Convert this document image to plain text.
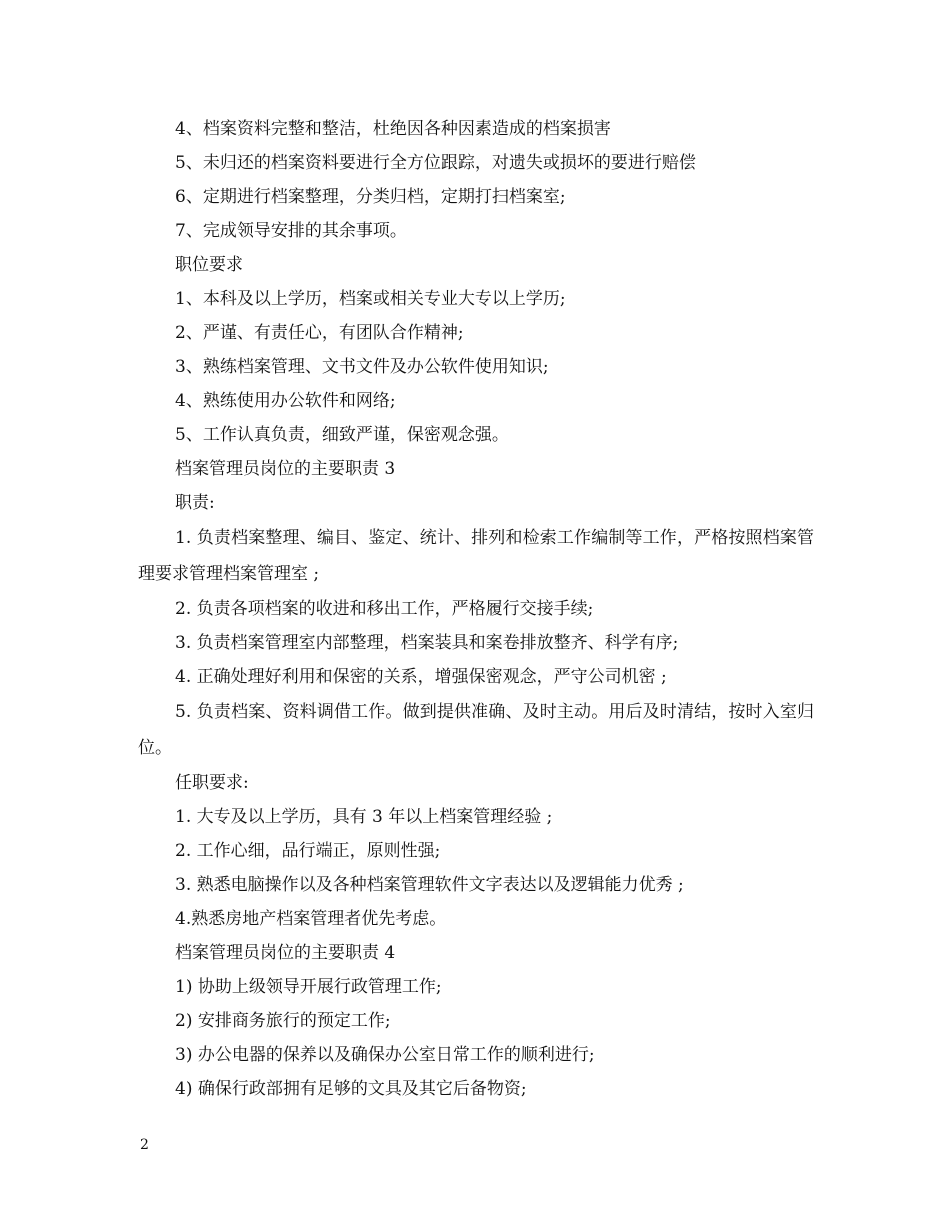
4、档案资料完整和整洁，杜绝因各种因素造成的档案损害
5、未归还的档案资料要进行全方位跟踪，对遗失或损坏的要进行赔偿
6、定期进行档案整理，分类归档，定期打扫档案室;
7、完成领导安排的其余事项。
职位要求
1、本科及以上学历，档案或相关专业大专以上学历;
2、严谨、有责任心，有团队合作精神;
3、熟练档案管理、文书文件及办公软件使用知识;
4、熟练使用办公软件和网络;
5、工作认真负责，细致严谨，保密观念强。
档案管理员岗位的主要职责 3
职责:
1. 负责档案整理、编目、鉴定、统计、排列和检索工作编制等工作，严格按照档案管理要求管理档案管理室 ;
2. 负责各项档案的收进和移出工作，严格履行交接手续;
3. 负责档案管理室内部整理，档案装具和案卷排放整齐、科学有序;
4. 正确处理好利用和保密的关系，增强保密观念，严守公司机密 ;
5. 负责档案、资料调借工作。做到提供准确、及时主动。用后及时清结，按时入室归位。
任职要求:
1. 大专及以上学历，具有 3 年以上档案管理经验 ;
2. 工作心细，品行端正，原则性强;
3. 熟悉电脑操作以及各种档案管理软件文字表达以及逻辑能力优秀 ;
4.熟悉房地产档案管理者优先考虑。
档案管理员岗位的主要职责 4
1) 协助上级领导开展行政管理工作;
2) 安排商务旅行的预定工作;
3) 办公电器的保养以及确保办公室日常工作的顺利进行;
4) 确保行政部拥有足够的文具及其它后备物资;
2
